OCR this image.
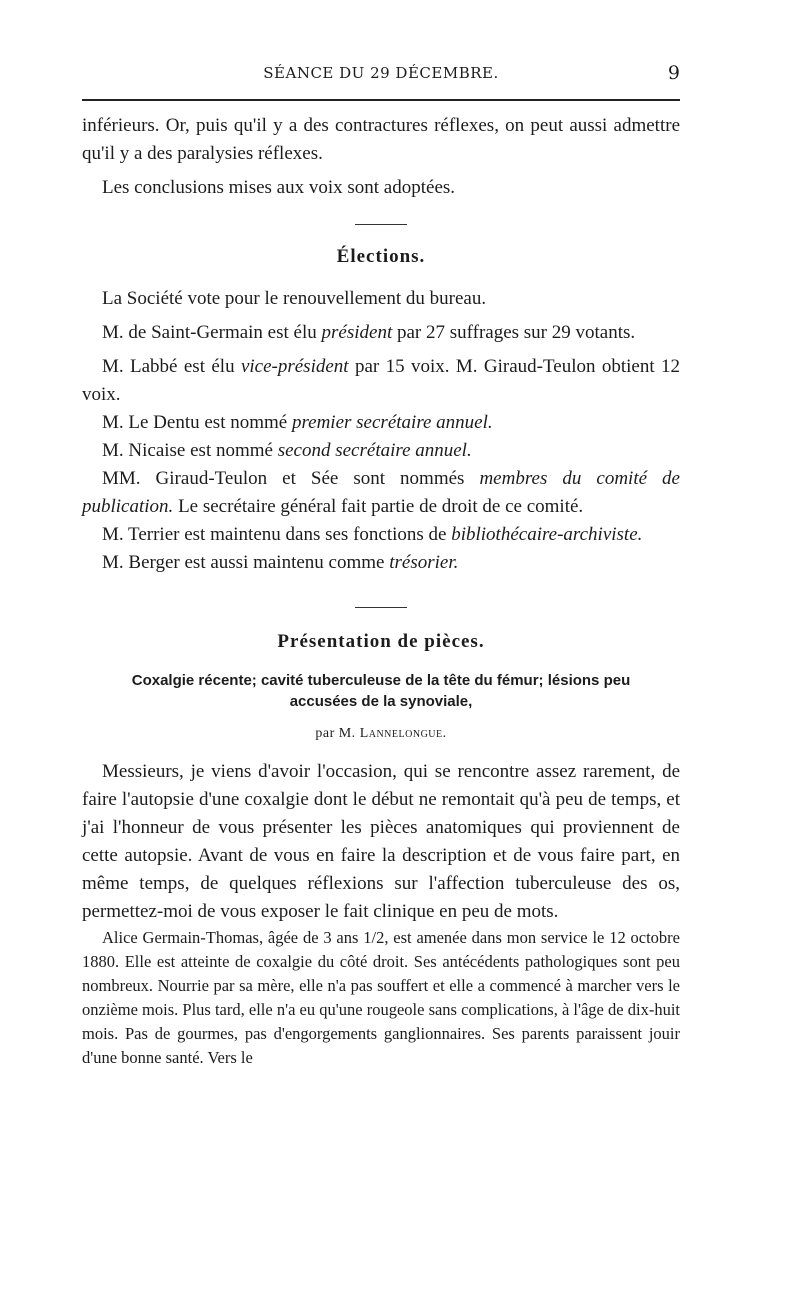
SÉANCE DU 29 DÉCEMBRE.	9

inférieurs. Or, puis qu'il y a des contractures réflexes, on peut aussi admettre qu'il y a des paralysies réflexes.

Les conclusions mises aux voix sont adoptées.

Élections.

La Société vote pour le renouvellement du bureau.

M. de Saint-Germain est élu président par 27 suffrages sur 29 votants.

M. Labbé est élu vice-président par 15 voix. M. Giraud-Teulon obtient 12 voix.

M. Le Dentu est nommé premier secrétaire annuel.

M. Nicaise est nommé second secrétaire annuel.

MM. Giraud-Teulon et Sée sont nommés membres du comité de publication. Le secrétaire général fait partie de droit de ce comité.

M. Terrier est maintenu dans ses fonctions de bibliothécaire-archiviste.

M. Berger est aussi maintenu comme trésorier.

Présentation de pièces.
Coxalgie récente; cavité tuberculeuse de la tête du fémur; lésions peu accusées de la synoviale,
par M. Lannelongue.

Messieurs, je viens d'avoir l'occasion, qui se rencontre assez rarement, de faire l'autopsie d'une coxalgie dont le début ne remontait qu'à peu de temps, et j'ai l'honneur de vous présenter les pièces anatomiques qui proviennent de cette autopsie. Avant de vous en faire la description et de vous faire part, en même temps, de quelques réflexions sur l'affection tuberculeuse des os, permettez-moi de vous exposer le fait clinique en peu de mots.

Alice Germain-Thomas, âgée de 3 ans 1/2, est amenée dans mon service le 12 octobre 1880. Elle est atteinte de coxalgie du côté droit. Ses antécédents pathologiques sont peu nombreux. Nourrie par sa mère, elle n'a pas souffert et elle a commencé à marcher vers le onzième mois. Plus tard, elle n'a eu qu'une rougeole sans complications, à l'âge de dix-huit mois. Pas de gourmes, pas d'engorgements ganglionnaires. Ses parents paraissent jouir d'une bonne santé. Vers le
